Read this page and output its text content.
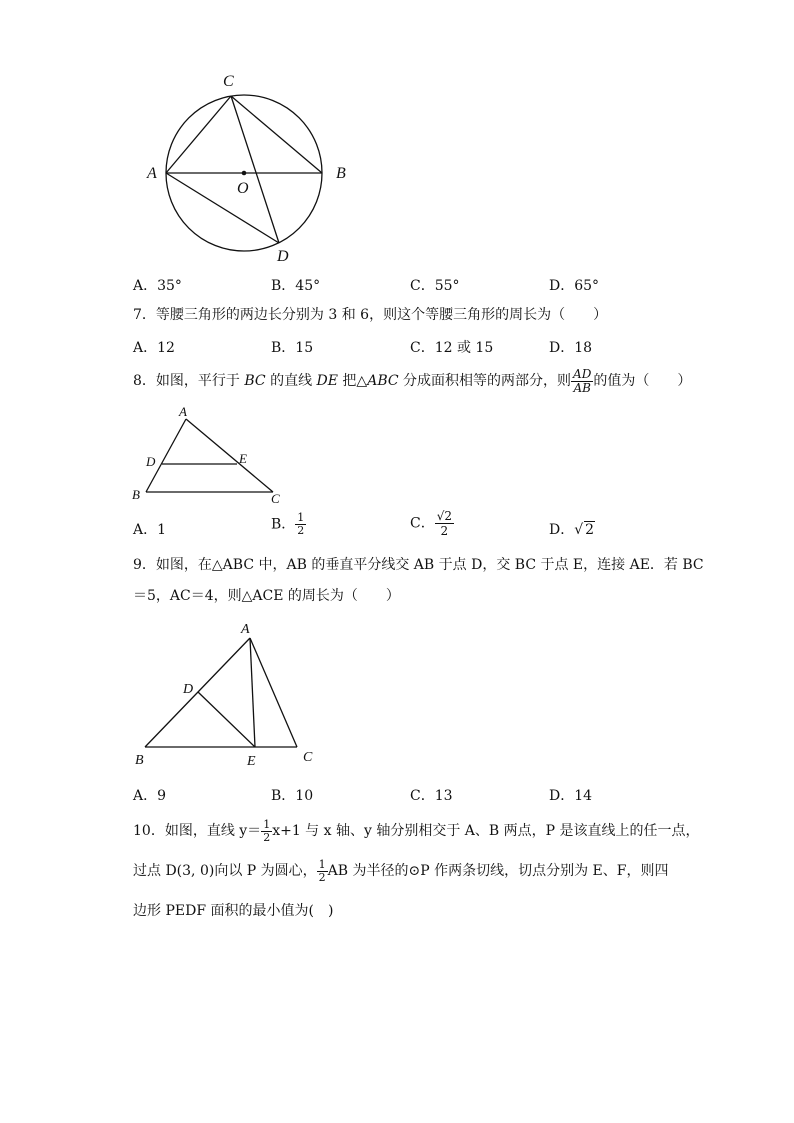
C
A	B
O
D
A．35°	B．45°	C．55°	D．65°
7．等腰三角形的两边长分别为 3 和 6，则这个等腰三角形的周长为（　　）
A．12	B．15	C．12 或 15	D．18
8．如图，平行于 BC 的直线 DE 把△ABC 分成面积相等的两部分，则 $\frac{AD}{AB}$ 的值为（　　）
A
D	E
B	C
A．1	B． $\frac{1}{2}$	C． $\frac{√2}{2}$	D．√ 2
9．如图，在△ABC 中，AB 的垂直平分线交 AB 于点 D，交 BC 于点 E，连接 AE．若 BC
＝5，AC＝4，则△ACE 的周长为（　　）
A
D
B	E	C
A．9	B．10	C．13	D．14
10．如图，直线 $y= \frac{1}{2} x+1$ 与 x 轴、y 轴分别相交于 A、B 两点，P 是该直线上的任一点，
过点 D(3, 0)向以 P 为圆心， $\frac{1}{2}$ AB 为半径的⊙P 作两条切线，切点分别为 E、F，则四
边形 PEDF 面积的最小值为(　)
